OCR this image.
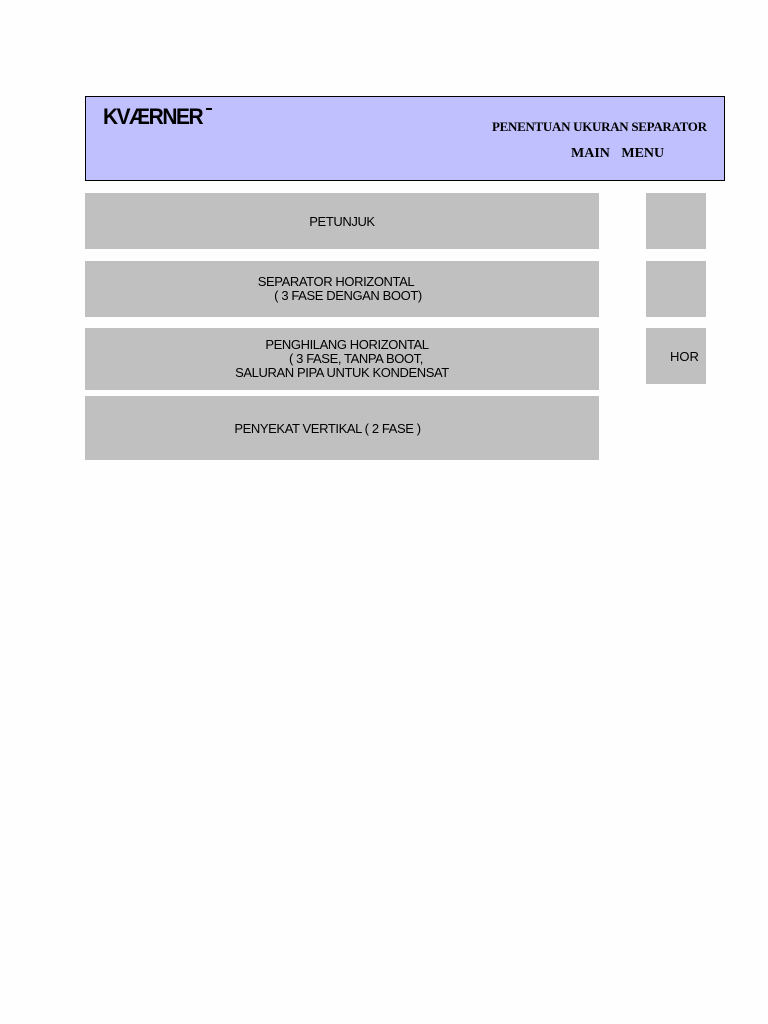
KVÆRNER	PENENTUAN UKURAN SEPARATOR
MAIN MENU
PETUNJUK
SEPARATOR HORIZONTAL
( 3 FASE DENGAN BOOT)
PENGHILANG HORIZONTAL
( 3 FASE, TANPA BOOT,
SALURAN PIPA UNTUK KONDENSAT
PENYEKAT VERTIKAL ( 2 FASE )
HOR
